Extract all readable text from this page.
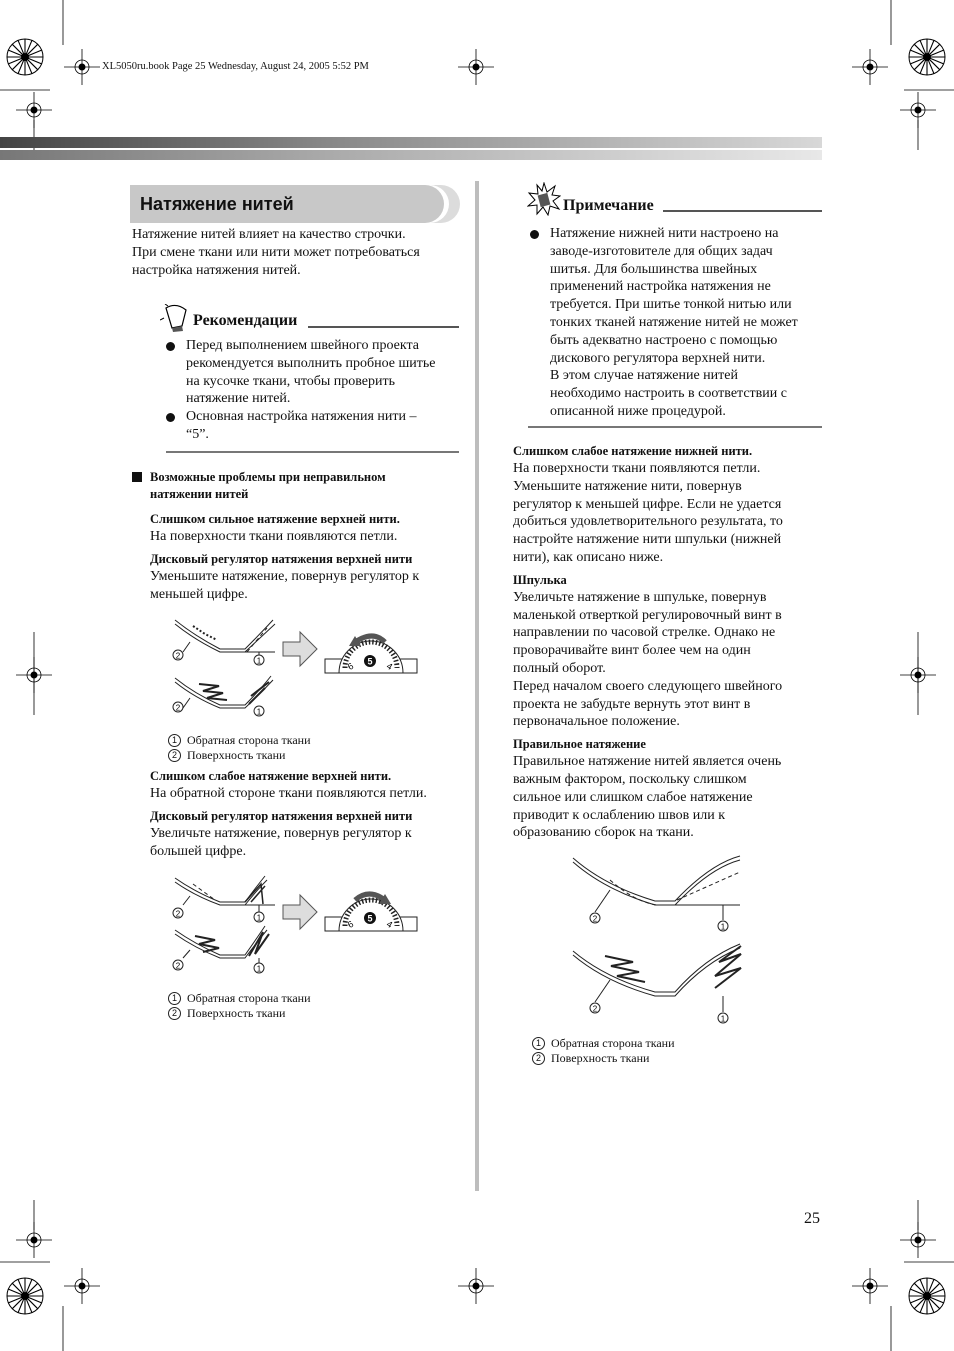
XL5050ru.book Page 25 Wednesday, August 24, 2005 5:52 PM
Натяжение нитей
Натяжение нитей влияет на качество строчки.
При смене ткани или нити может потребоваться
настройка натяжения нитей.
Рекомендации
Перед выполнением швейного проекта
рекомендуется выполнить пробное шитье
на кусочке ткани, чтобы проверить
натяжение нитей.
Основная настройка натяжения нити –
“5”.
Возможные проблемы при неправильном
натяжении нитей
Слишком сильное натяжение верхней нити.
На поверхности ткани появляются петли.
Дисковый регулятор натяжения верхней нити
Уменьшите натяжение, повернув регулятор к
меньшей цифре.
2
1
2	1
5
6	4
1 Обратная сторона ткани
2 Поверхность ткани
Слишком слабое натяжение верхней нити.
На обратной стороне ткани появляются петли.
Дисковый регулятор натяжения верхней нити
Увеличьте натяжение, повернув регулятор к
большей цифре.
2	1
2	1
5
6	4
1 Обратная сторона ткани
2 Поверхность ткани
Примечание
Натяжение нижней нити настроено на
заводе-изготовителе для общих задач
шитья. Для большинства швейных
применений настройка натяжения не
требуется. При шитье тонкой нитью или
тонких тканей натяжение нитей не может
быть адекватно настроено с помощью
дискового регулятора верхней нити.
В этом случае натяжение нитей
необходимо настроить в соответствии с
описанной ниже процедурой.
Слишком слабое натяжение нижней нити.
На поверхности ткани появляются петли.
Уменьшите натяжение нити, повернув
регулятор к меньшей цифре. Если не удается
добиться удовлетворительного результата, то
настройте натяжение нити шпульки (нижней
нити), как описано ниже.
Шпулька
Увеличьте натяжение в шпульке, повернув
маленькой отверткой регулировочный винт в
направлении по часовой стрелке. Однако не
проворачивайте винт более чем на один
полный оборот.
Перед началом своего следующего швейного
проекта не забудьте вернуть этот винт в
первоначальное положение.
Правильное натяжение
Правильное натяжение нитей является очень
важным фактором, поскольку слишком
сильное или слишком слабое натяжение
приводит к ослаблению швов или к
образованию сборок на ткани.
2
1
2
1
1 Обратная сторона ткани
2 Поверхность ткани
25
